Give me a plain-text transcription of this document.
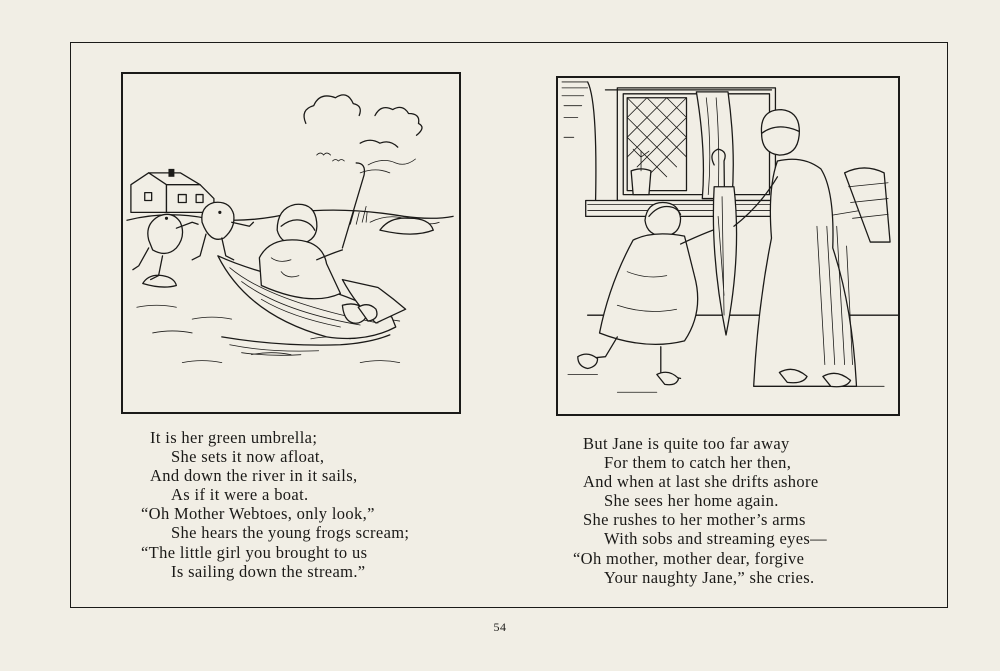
It is her green umbrella;
She sets it now afloat,
And down the river in it sails,
As if it were a boat.
“Oh Mother Webtoes, only look,”
She hears the young frogs scream;
“The little girl you brought to us
Is sailing down the stream.”
But Jane is quite too far away
For them to catch her then,
And when at last she drifts ashore
She sees her home again.
She rushes to her mother’s arms
With sobs and streaming eyes—
“Oh mother, mother dear, forgive
Your naughty Jane,” she cries.
54
